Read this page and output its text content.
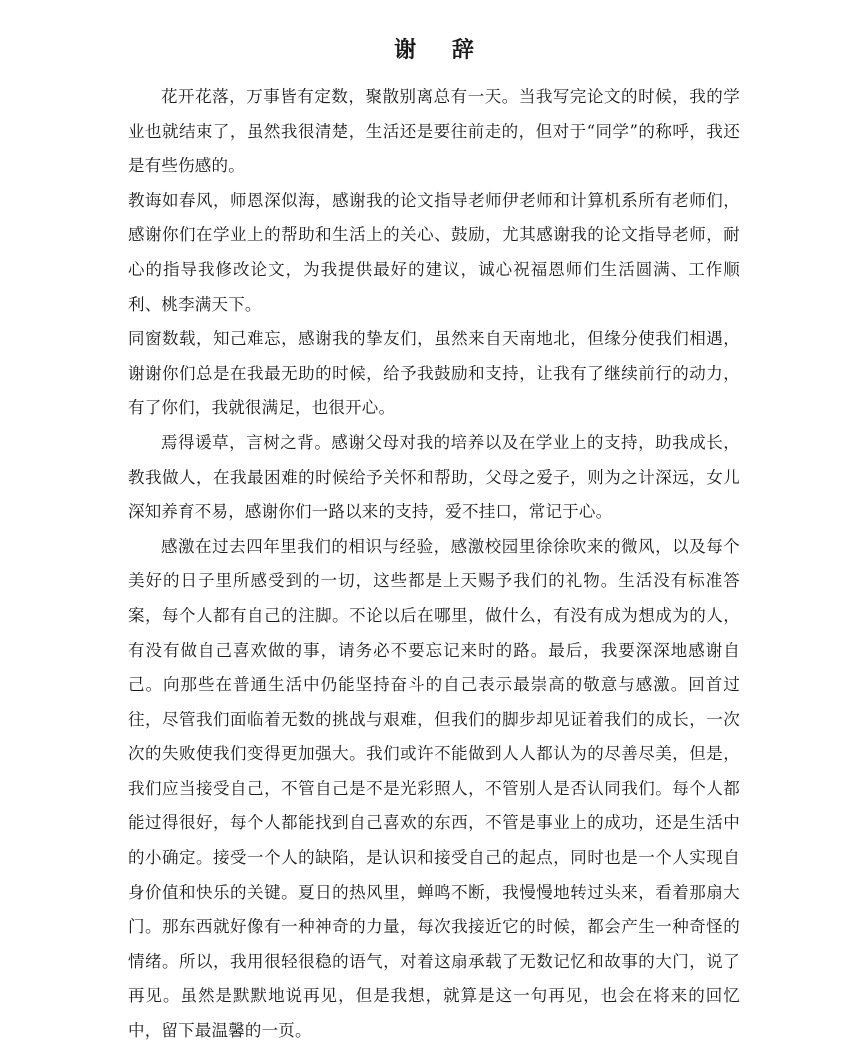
谢 辞

花开花落，万事皆有定数，聚散别离总有一天。当我写完论文的时候，我的学业也就结束了，虽然我很清楚，生活还是要往前走的，但对于“同学”的称呼，我还是有些伤感的。

教诲如春风，师恩深似海，感谢我的论文指导老师伊老师和计算机系所有老师们，感谢你们在学业上的帮助和生活上的关心、鼓励，尤其感谢我的论文指导老师，耐心的指导我修改论文，为我提供最好的建议，诚心祝福恩师们生活圆满、工作顺利、桃李满天下。

同窗数载，知己难忘，感谢我的挚友们，虽然来自天南地北，但缘分使我们相遇，谢谢你们总是在我最无助的时候，给予我鼓励和支持，让我有了继续前行的动力，有了你们，我就很满足，也很开心。

焉得谖草，言树之背。感谢父母对我的培养以及在学业上的支持，助我成长，教我做人，在我最困难的时候给予关怀和帮助，父母之爱子，则为之计深远，女儿深知养育不易，感谢你们一路以来的支持，爱不挂口，常记于心。

感激在过去四年里我们的相识与经验，感激校园里徐徐吹来的微风，以及每个美好的日子里所感受到的一切，这些都是上天赐予我们的礼物。生活没有标准答案，每个人都有自己的注脚。不论以后在哪里，做什么，有没有成为想成为的人，有没有做自己喜欢做的事，请务必不要忘记来时的路。最后，我要深深地感谢自己。向那些在普通生活中仍能坚持奋斗的自己表示最崇高的敬意与感激。回首过往，尽管我们面临着无数的挑战与艰难，但我们的脚步却见证着我们的成长，一次次的失败使我们变得更加强大。我们或许不能做到人人都认为的尽善尽美，但是，我们应当接受自己，不管自己是不是光彩照人，不管别人是否认同我们。每个人都能过得很好，每个人都能找到自己喜欢的东西，不管是事业上的成功，还是生活中的小确定。接受一个人的缺陷，是认识和接受自己的起点，同时也是一个人实现自身价值和快乐的关键。夏日的热风里，蝉鸣不断，我慢慢地转过头来，看着那扇大门。那东西就好像有一种神奇的力量，每次我接近它的时候，都会产生一种奇怪的情绪。所以，我用很轻很稳的语气，对着这扇承载了无数记忆和故事的大门，说了再见。虽然是默默地说再见，但是我想，就算是这一句再见，也会在将来的回忆中，留下最温馨的一页。
